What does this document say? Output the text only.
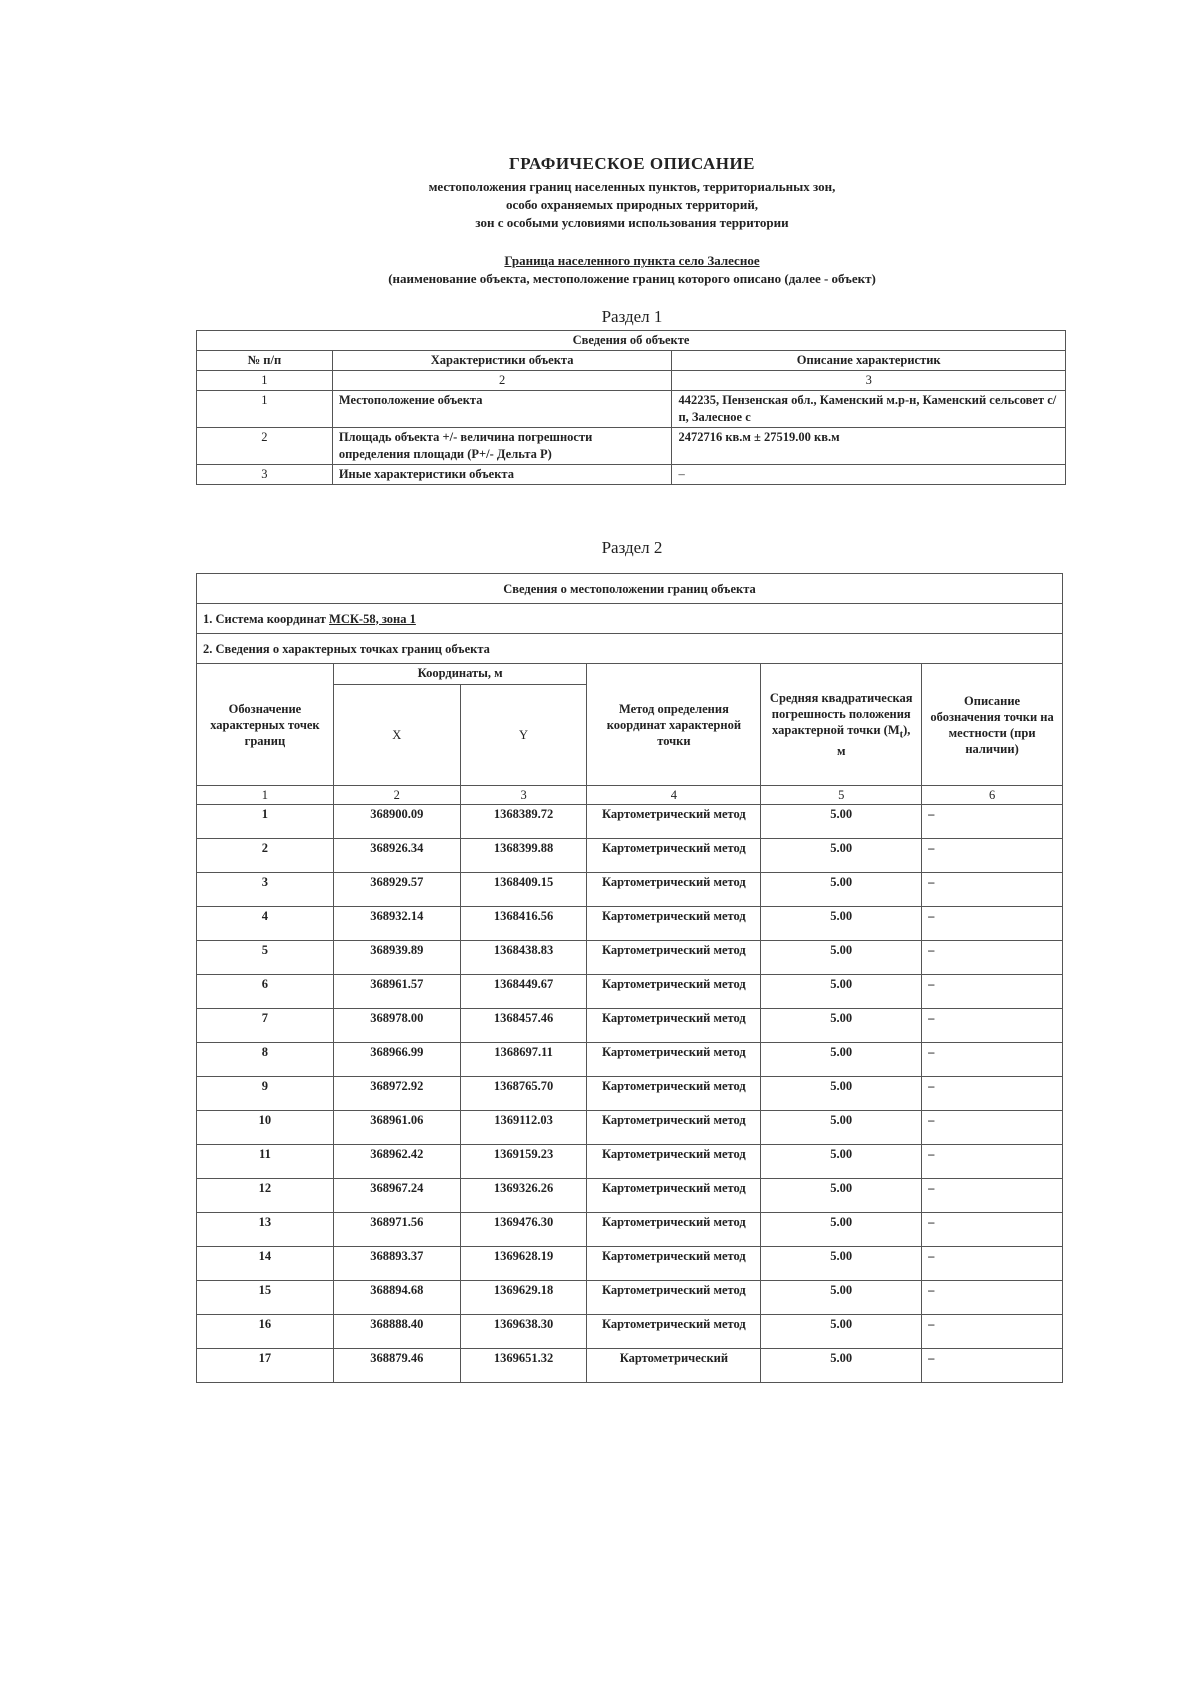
ГРАФИЧЕСКОЕ ОПИСАНИЕ
местоположения границ населенных пунктов, территориальных зон,
особо охраняемых природных территорий,
зон с особыми условиями использования территории
Граница населенного пункта село Залесное
(наименование объекта, местоположение границ которого описано (далее - объект)
Раздел 1
Сведения об объекте		
№ п/п	Характеристики объекта	Описание характеристик
1	2	3
1	Местоположение объекта	442235, Пензенская обл., Каменский м.р-н, Каменский сельсовет с/п, Залесное с
2	Площадь объекта +/- величина погрешности определения площади (P+/- Дельта P)	2472716 кв.м ± 27519.00 кв.м
3	Иные характеристики объекта	–
Раздел 2
Сведения о местоположении границ объекта					
1. Система координат МСК-58, зона 1					
2. Сведения о характерных точках границ объекта					
Обозначение характерных точек границ	Координаты, м		Метод определения координат характерной точки	Средняя квадратическая погрешность положения характерной точки $(M_t)$, м	Описание обозначения точки на местности (при наличии)
	X	Y			
1	2	3	4	5	6
1	368900.09	1368389.72	Картометрический метод	5.00	–
2	368926.34	1368399.88	Картометрический метод	5.00	–
3	368929.57	1368409.15	Картометрический метод	5.00	–
4	368932.14	1368416.56	Картометрический метод	5.00	–
5	368939.89	1368438.83	Картометрический метод	5.00	–
6	368961.57	1368449.67	Картометрический метод	5.00	–
7	368978.00	1368457.46	Картометрический метод	5.00	–
8	368966.99	1368697.11	Картометрический метод	5.00	–
9	368972.92	1368765.70	Картометрический метод	5.00	–
10	368961.06	1369112.03	Картометрический метод	5.00	–
11	368962.42	1369159.23	Картометрический метод	5.00	–
12	368967.24	1369326.26	Картометрический метод	5.00	–
13	368971.56	1369476.30	Картометрический метод	5.00	–
14	368893.37	1369628.19	Картометрический метод	5.00	–
15	368894.68	1369629.18	Картометрический метод	5.00	–
16	368888.40	1369638.30	Картометрический метод	5.00	–
17	368879.46	1369651.32	Картометрический	5.00	–
